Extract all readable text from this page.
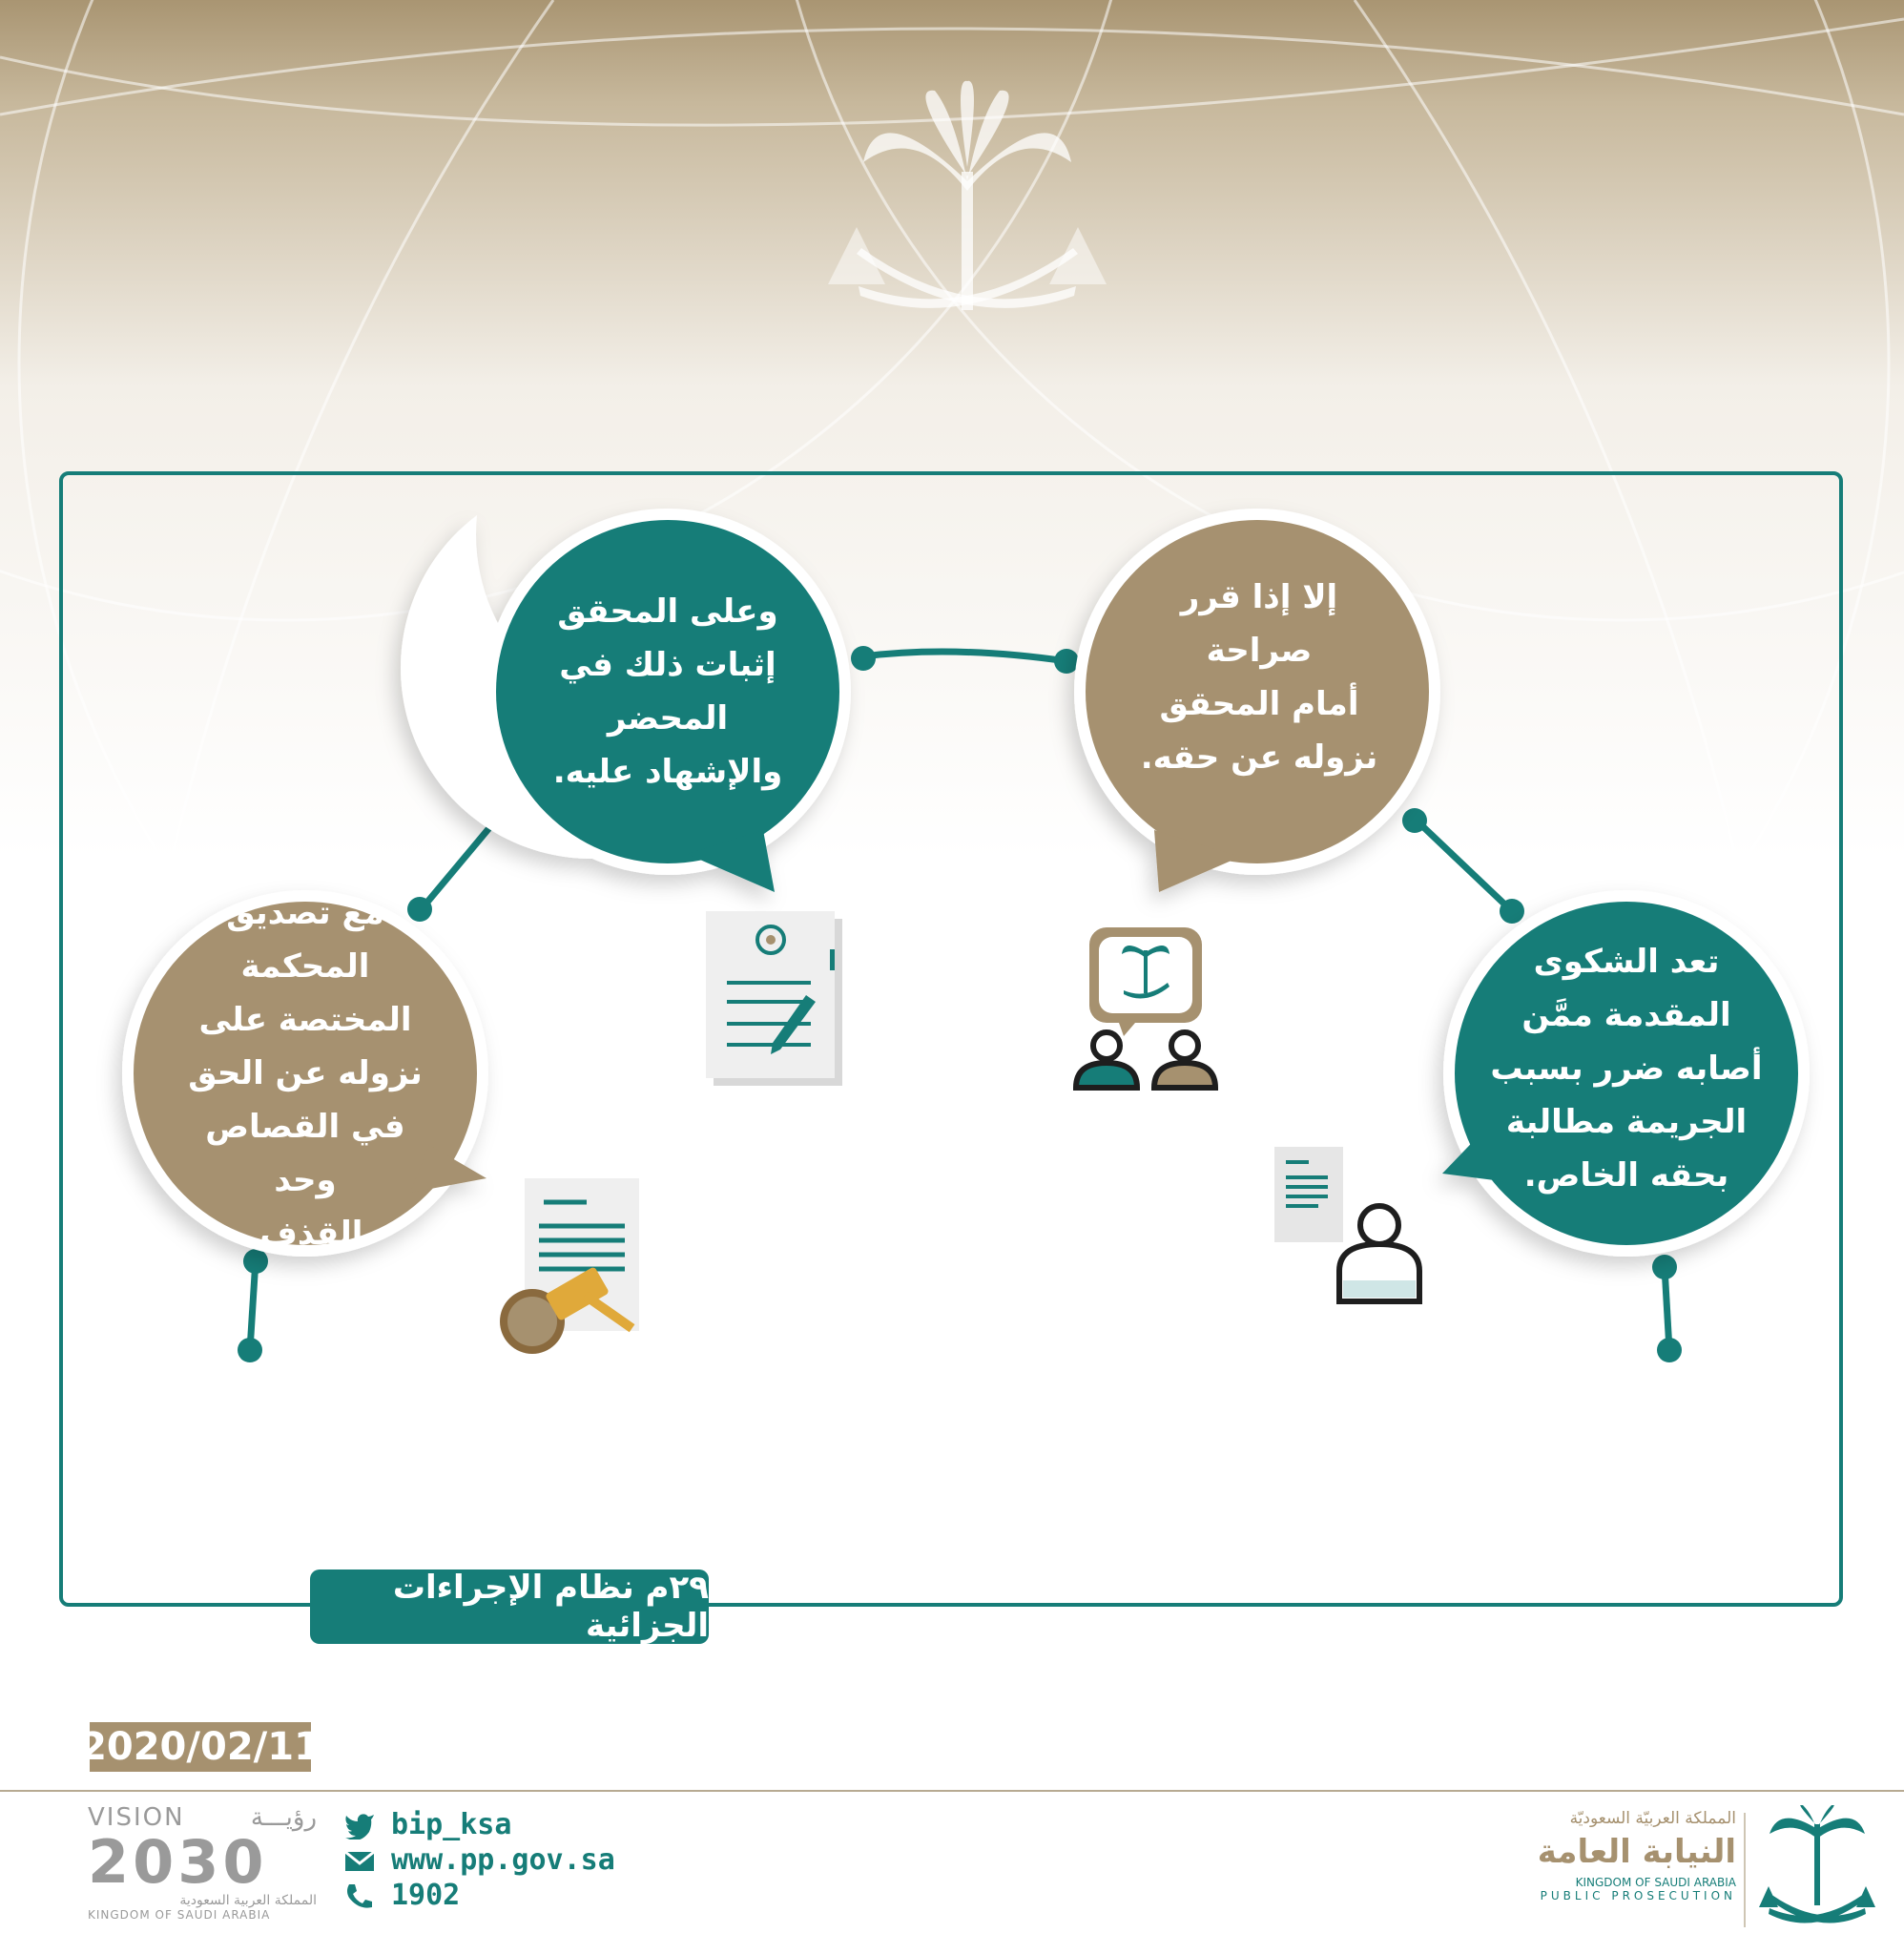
وعلى المحقق
إثبات ذلك في
المحضر
والإشهاد عليه.
إلا إذا قرر صراحة
أمام المحقق
نزوله عن حقه.
مع تصديق
المحكمة
المختصة على
نزوله عن الحق
في القصاص وحد
القذف.
تعد الشكوى
المقدمة ممَّن
أصابه ضرر بسبب
الجريمة مطالبة
بحقه الخاص.
٢٩م نظام الإجراءات الجزائية
2020/02/11
bip_ksa
www.pp.gov.sa
1902
VISION	رؤيـــة
2030
المملكة العربية السعودية
KINGDOM OF SAUDI ARABIA
المملكة العربيّة السعوديّة
النيابة العامة
KINGDOM OF SAUDI ARABIA
PUBLIC PROSECUTION
